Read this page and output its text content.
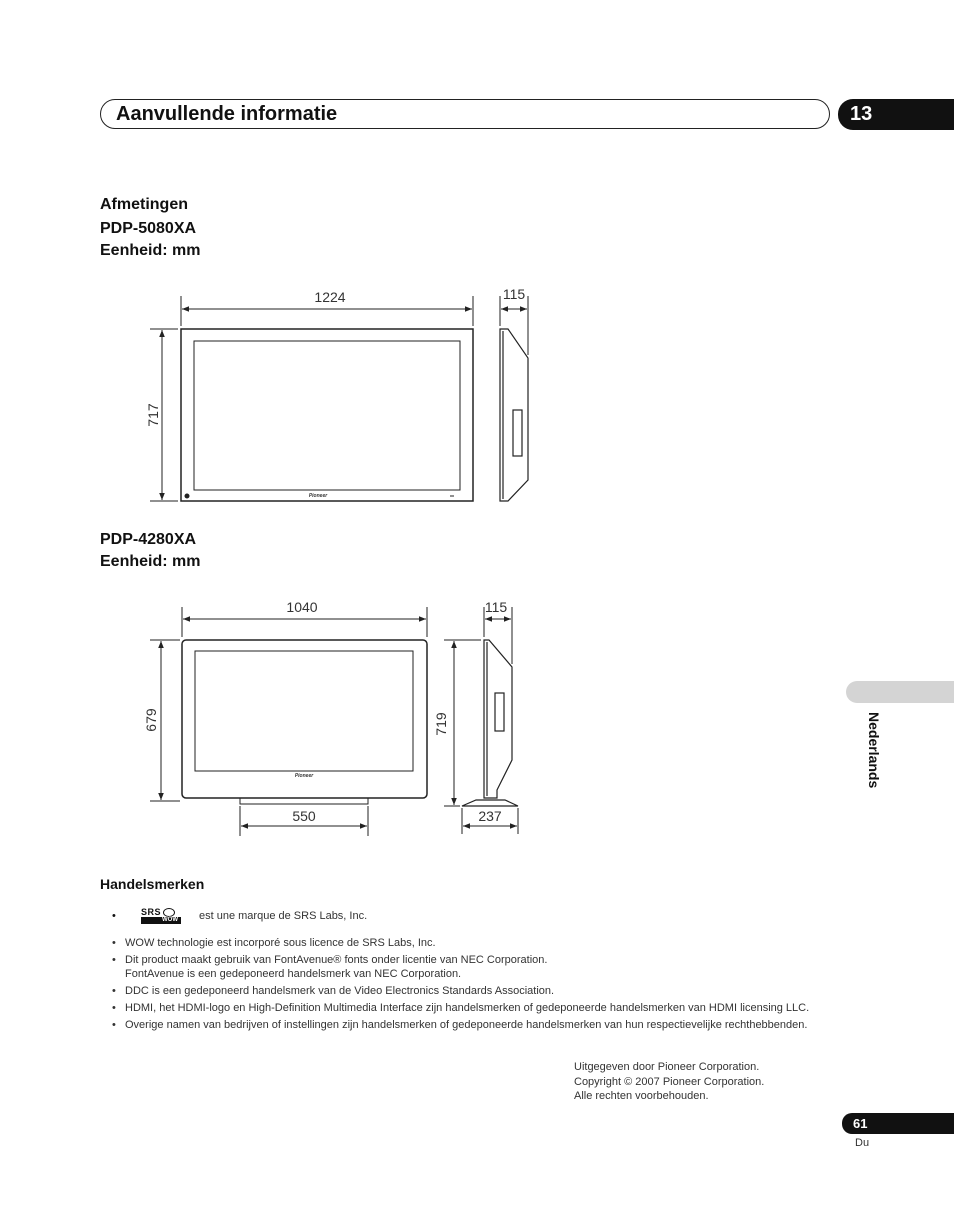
Aanvullende informatie	13
Afmetingen
PDP-5080XA
Eenheid: mm
1224
717
115
Pioneer
1040
679
115
719
550	237
Pioneer
PDP-4280XA
Eenheid: mm
Nederlands
Handelsmerken
•	SRS
WOW est une marque de SRS Labs, Inc.
• WOW technologie est incorporé sous licence de SRS Labs, Inc.
• Dit product maakt gebruik van FontAvenue® fonts onder licentie van NEC Corporation.
FontAvenue is een gedeponeerd handelsmerk van NEC Corporation.
• DDC is een gedeponeerd handelsmerk van de Video Electronics Standards Association.
• HDMI, het HDMI-logo en High-Definition Multimedia Interface zijn handelsmerken of gedeponeerde handelsmerken van HDMI licensing LLC.
• Overige namen van bedrijven of instellingen zijn handelsmerken of gedeponeerde handelsmerken van hun respectievelijke rechthebbenden.
Uitgegeven door Pioneer Corporation.
Copyright © 2007 Pioneer Corporation.
Alle rechten voorbehouden.
61
Du
